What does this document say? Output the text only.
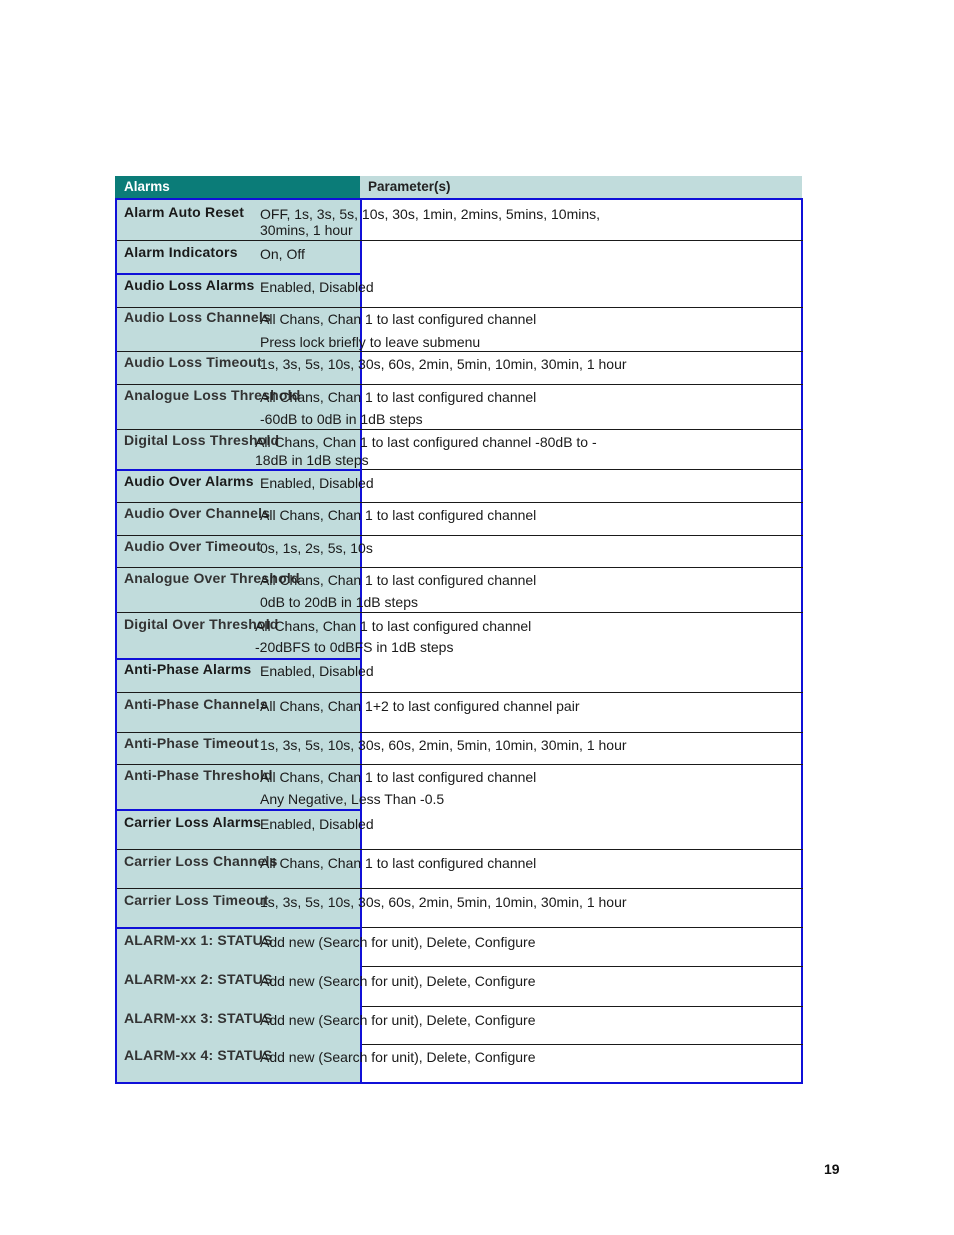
Alarms	Parameter(s)
Alarm Auto Reset
Alarm Indicators
Audio Loss Alarms
Audio Loss Channels
Audio Loss Timeout
Analogue Loss Threshold
Digital Loss Threshold
Audio Over Alarms
Audio Over Channels
Audio Over Timeout
Analogue Over Threshold
Digital Over Threshold
Anti-Phase Alarms
Anti-Phase Channels
Anti-Phase Timeout
Anti-Phase Threshold
Carrier Loss Alarms
Carrier Loss Channels
Carrier Loss Timeout
ALARM-xx 1: STATUS
ALARM-xx 2: STATUS
ALARM-xx 3: STATUS
ALARM-xx 4: STATUS
OFF, 1s, 3s, 5s, 10s, 30s, 1min, 2mins, 5mins, 10mins,
30mins, 1 hour
On, Off
Enabled, Disabled
All Chans, Chan 1 to last configured channel
Press lock briefly to leave submenu
1s, 3s, 5s, 10s, 30s, 60s, 2min, 5min, 10min, 30min, 1 hour
All Chans, Chan 1 to last configured channel
-60dB to 0dB in 1dB steps
All Chans, Chan 1 to last configured channel -80dB to -
18dB in 1dB steps
Enabled, Disabled
All Chans, Chan 1 to last configured channel
0s, 1s, 2s, 5s, 10s
All Chans, Chan 1 to last configured channel
0dB to 20dB in 1dB steps
All Chans, Chan 1 to last configured channel
-20dBFS to 0dBFS in 1dB steps
Enabled, Disabled
All Chans, Chan 1+2 to last configured channel pair
1s, 3s, 5s, 10s, 30s, 60s, 2min, 5min, 10min, 30min, 1 hour
All Chans, Chan 1 to last configured channel
Any Negative, Less Than -0.5
Enabled, Disabled
All Chans, Chan 1 to last configured channel
1s, 3s, 5s, 10s, 30s, 60s, 2min, 5min, 10min, 30min, 1 hour
Add new (Search for unit), Delete, Configure
Add new (Search for unit), Delete, Configure
Add new (Search for unit), Delete, Configure
Add new (Search for unit), Delete, Configure
19
